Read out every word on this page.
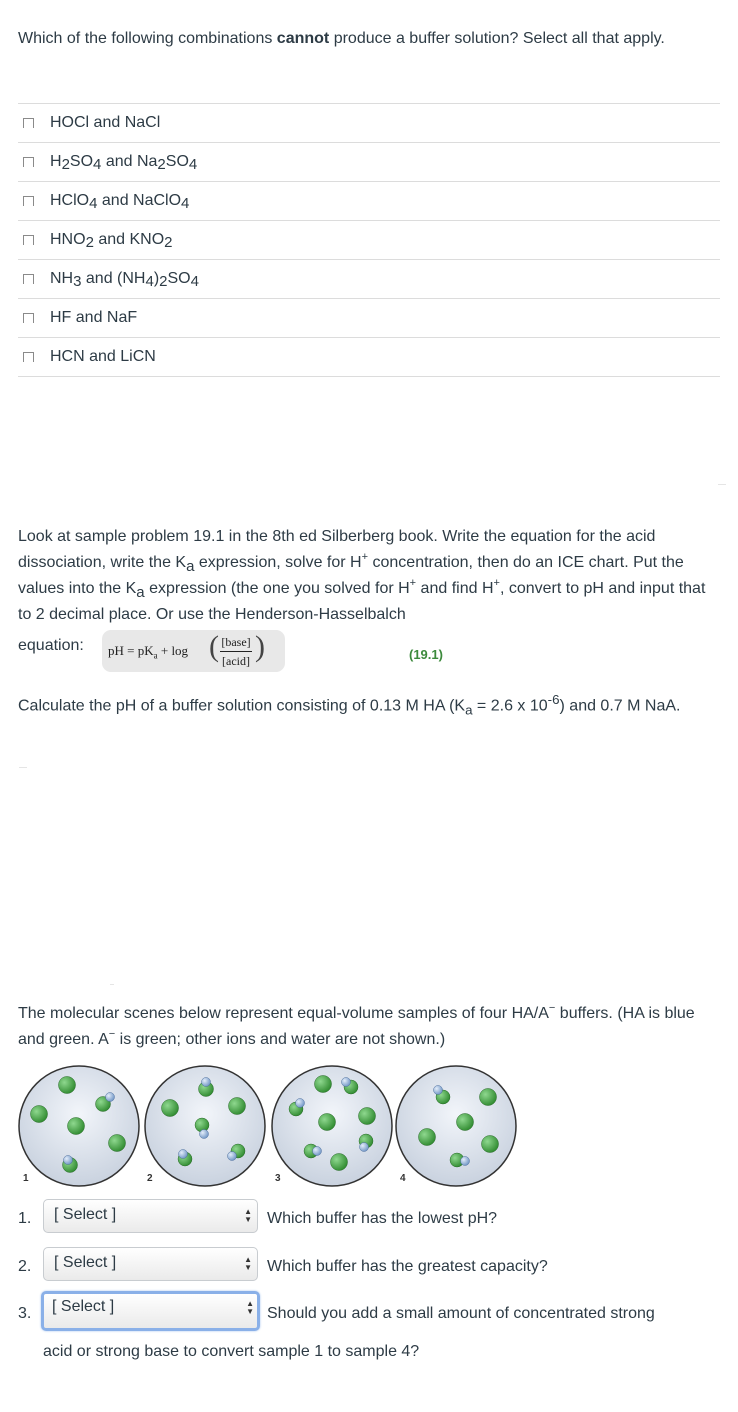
Which of the following combinations cannot produce a buffer solution? Select all that apply.
HOCl and NaCl
$H_2SO_4$ and $Na_2SO_4$
HClO$_4$ and NaClO$_4$
$HNO_2$ and $KNO_2$
$NH_3$ and $(NH_4)_2SO_4$
HF and NaF
HCN and LiCN
Look at sample problem 19.1 in the 8th ed Silberberg book. Write the equation for the acid dissociation, write the $K_a$ expression, solve for H+ concentration, then do an ICE chart. Put the values into the $K_a$ expression (the one you solved for H+ and find H+, convert to pH and input that to 2 decimal place. Or use the Henderson-Hasselbalch
equation: pH = $pK_a + \log$ ( [base]
[acid] )	(19.1)
Calculate the pH of a buffer solution consisting of 0.13 M HA ($K_a = 2.6$ x $10^{-6}$) and 0.7 M NaA.
The molecular scenes below represent equal-volume samples of four HA/A− buffers. (HA is blue and green. A− is green; other ions and water are not shown.)
1	2	3	4
1. [ Select ]	▲
▼ Which buffer has the lowest pH?
2. [ Select ]	▲
▼ Which buffer has the greatest capacity?
3. [ Select ]	▲
▼ Should you add a small amount of concentrated strong
acid or strong base to convert sample 1 to sample 4?
